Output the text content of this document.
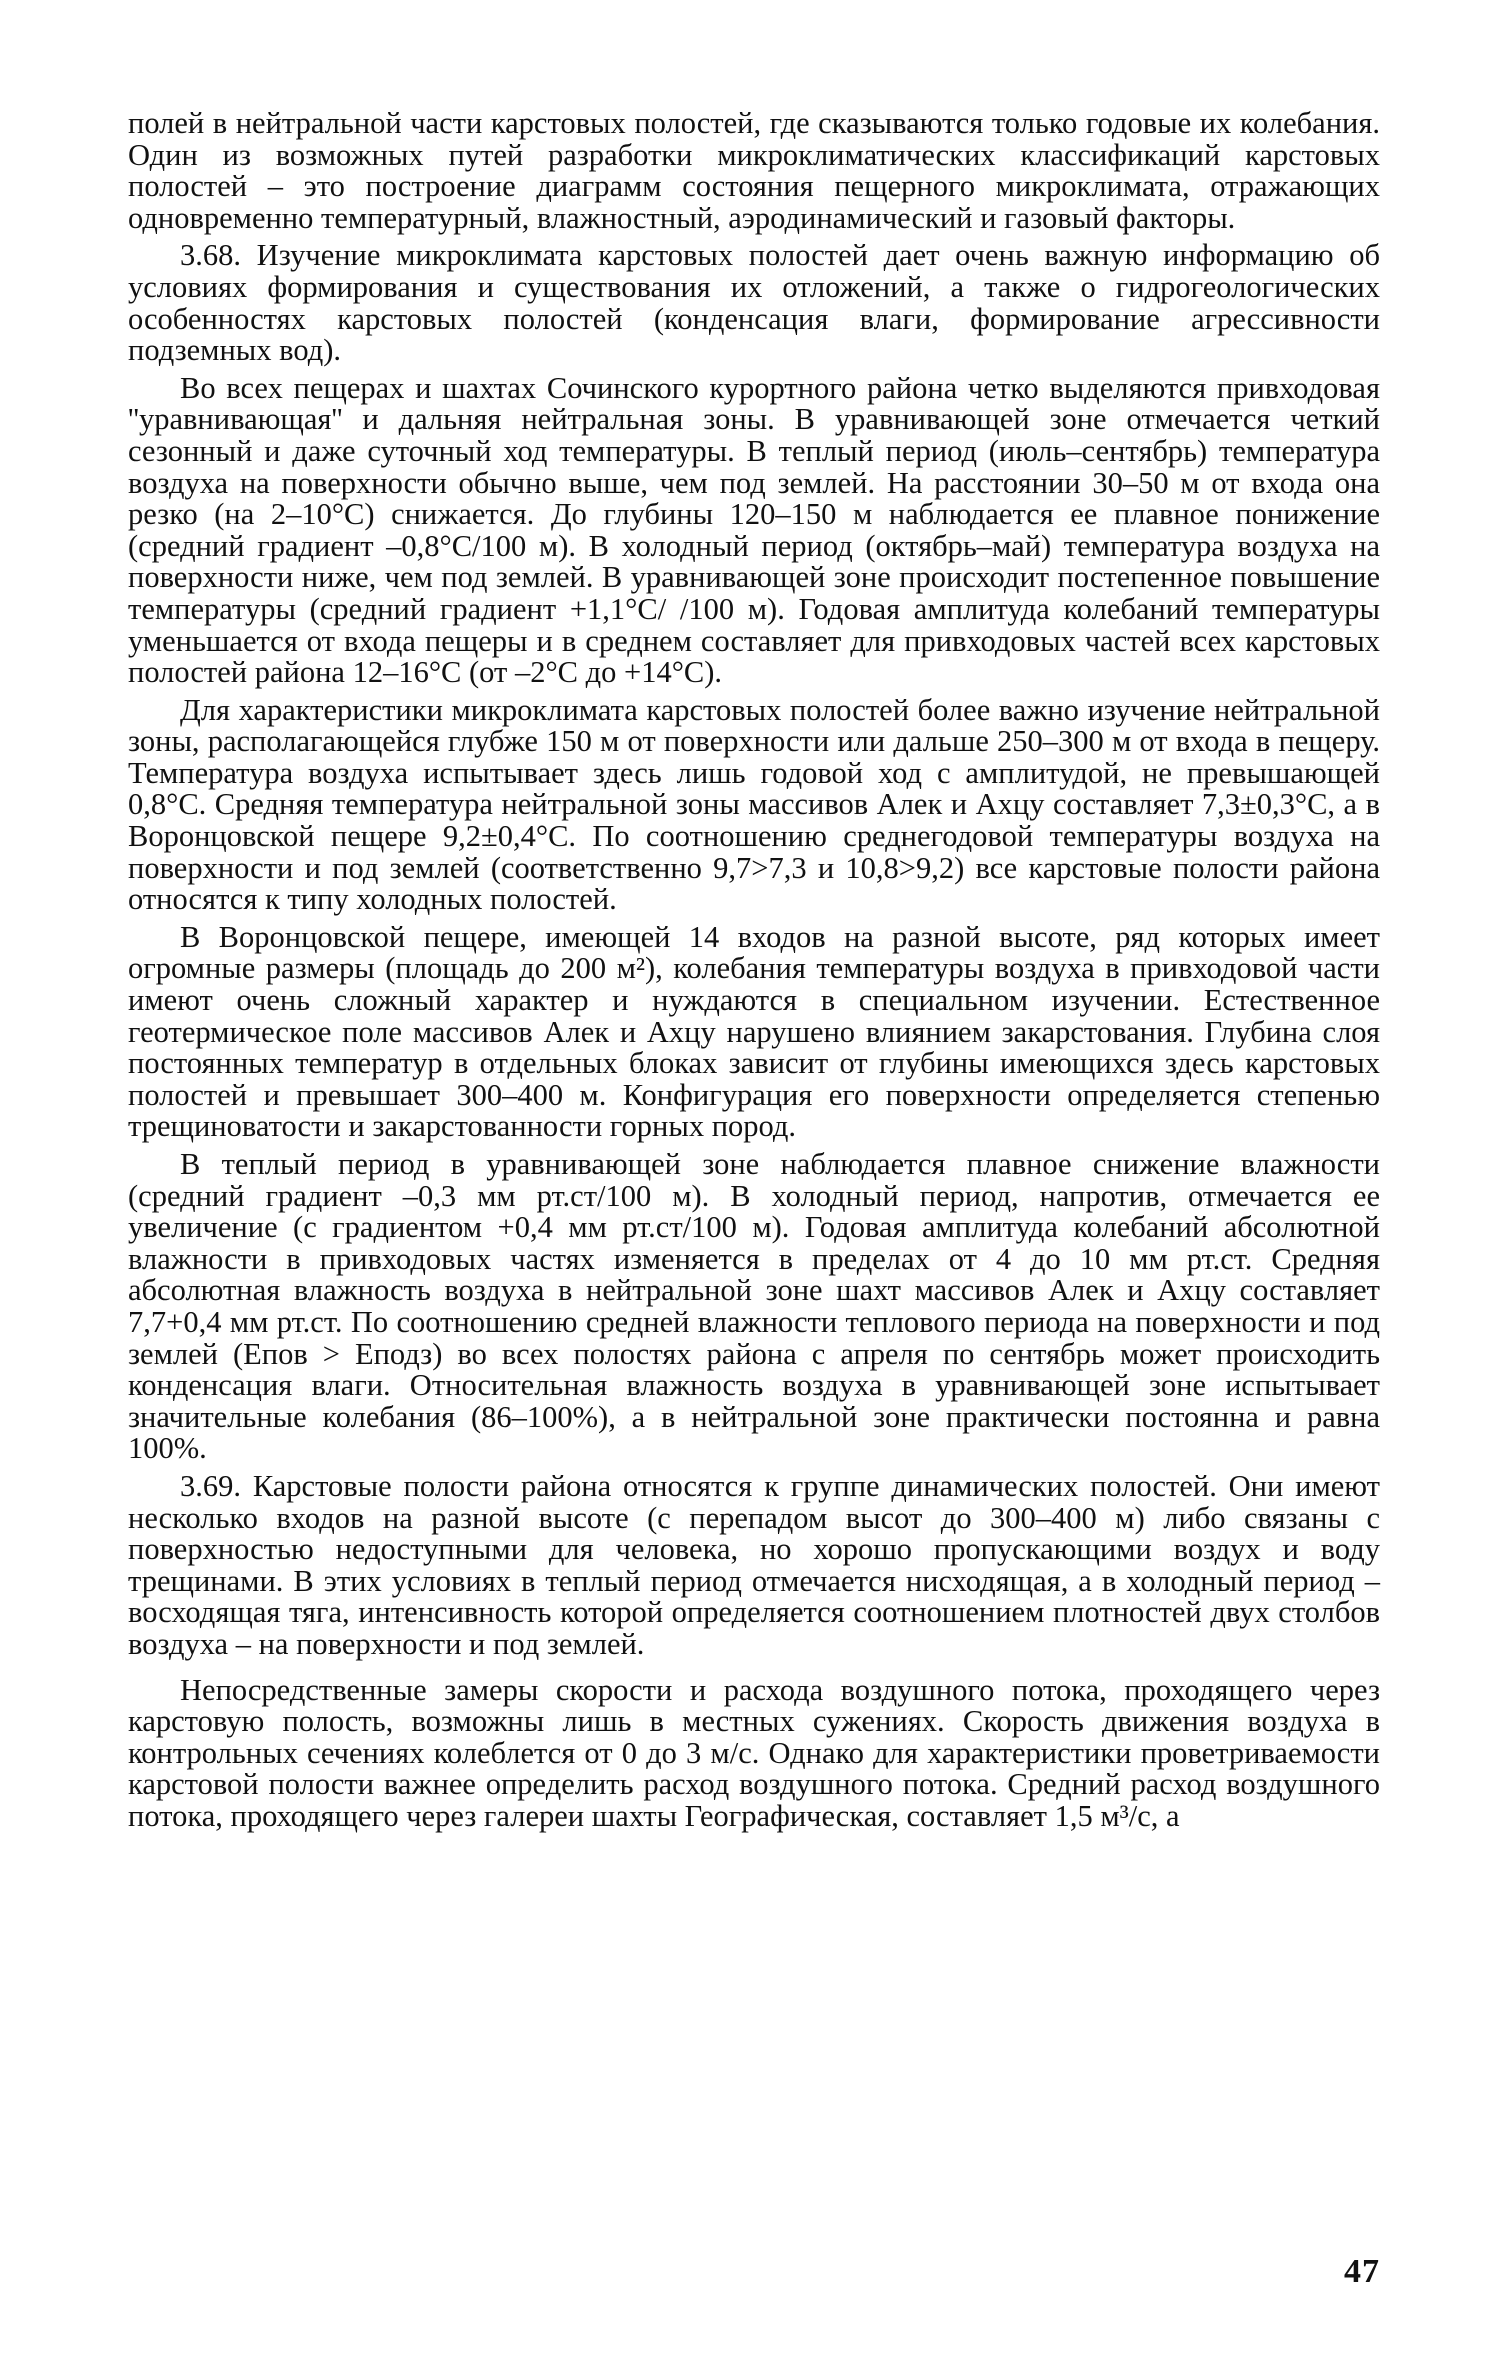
полей в нейтральной части карстовых полостей, где сказываются только годовые их колебания. Один из возможных путей разработки микроклиматических классификаций карстовых полостей – это построение диаграмм состояния пещерного микроклимата, отражающих одновременно температурный, влажностный, аэродинамический и газовый факторы.

3.68. Изучение микроклимата карстовых полостей дает очень важную информацию об условиях формирования и существования их отложений, а также о гидрогеологических особенностях карстовых полостей (конденсация влаги, формирование агрессивности подземных вод).

Во всех пещерах и шахтах Сочинского курортного района четко выделяются привходовая ''уравнивающая'' и дальняя нейтральная зоны. В уравнивающей зоне отмечается четкий сезонный и даже суточный ход температуры. В теплый период (июль–сентябрь) температура воздуха на поверхности обычно выше, чем под землей. На расстоянии 30–50 м от входа она резко (на 2–10°С) снижается. До глубины 120–150 м наблюдается ее плавное понижение (средний градиент –0,8°С/100 м). В холодный период (октябрь–май) температура воздуха на поверхности ниже, чем под землей. В уравнивающей зоне происходит постепенное повышение температуры (средний градиент +1,1°С/ /100 м). Годовая амплитуда колебаний температуры уменьшается от входа пещеры и в среднем составляет для привходовых частей всех карстовых полостей района 12–16°С (от –2°С до +14°С).

Для характеристики микроклимата карстовых полостей более важно изучение нейтральной зоны, располагающейся глубже 150 м от поверхности или дальше 250–300 м от входа в пещеру. Температура воздуха испытывает здесь лишь годовой ход с амплитудой, не превышающей 0,8°С. Средняя температура нейтральной зоны массивов Алек и Ахцу составляет 7,3±0,3°С, а в Воронцовской пещере 9,2±0,4°С. По соотношению среднегодовой температуры воздуха на поверхности и под землей (соответственно 9,7>7,3 и 10,8>9,2) все карстовые полости района относятся к типу холодных полостей.

В Воронцовской пещере, имеющей 14 входов на разной высоте, ряд которых имеет огромные размеры (площадь до 200 м²), колебания температуры воздуха в привходовой части имеют очень сложный характер и нуждаются в специальном изучении. Естественное геотермическое поле массивов Алек и Ахцу нарушено влиянием закарстования. Глубина слоя постоянных температур в отдельных блоках зависит от глубины имеющихся здесь карстовых полостей и превышает 300–400 м. Конфигурация его поверхности определяется степенью трещиноватости и закарстованности горных пород.

В теплый период в уравнивающей зоне наблюдается плавное снижение влажности (средний градиент –0,3 мм рт.ст/100 м). В холодный период, напротив, отмечается ее увеличение (с градиентом +0,4 мм рт.ст/100 м). Годовая амплитуда колебаний абсолютной влажности в привходовых частях изменяется в пределах от 4 до 10 мм рт.ст. Средняя абсолютная влажность воздуха в нейтральной зоне шахт массивов Алек и Ахцу составляет 7,7+0,4 мм рт.ст. По соотношению средней влажности теплового периода на поверхности и под землей (Eпов > Eподз) во всех полостях района с апреля по сентябрь может происходить конденсация влаги. Относительная влажность воздуха в уравнивающей зоне испытывает значительные колебания (86–100%), а в нейтральной зоне практически постоянна и равна 100%.

3.69. Карстовые полости района относятся к группе динамических полостей. Они имеют несколько входов на разной высоте (с перепадом высот до 300–400 м) либо связаны с поверхностью недоступными для человека, но хорошо пропускающими воздух и воду трещинами. В этих условиях в теплый период отмечается нисходящая, а в холодный период – восходящая тяга, интенсивность которой определяется соотношением плотностей двух столбов воздуха – на поверхности и под землей.

Непосредственные замеры скорости и расхода воздушного потока, проходящего через карстовую полость, возможны лишь в местных сужениях. Скорость движения воздуха в контрольных сечениях колеблется от 0 до 3 м/с. Однако для характеристики проветриваемости карстовой полости важнее определить расход воздушного потока. Средний расход воздушного потока, проходящего через галереи шахты Географическая, составляет 1,5 м³/с, а

47
